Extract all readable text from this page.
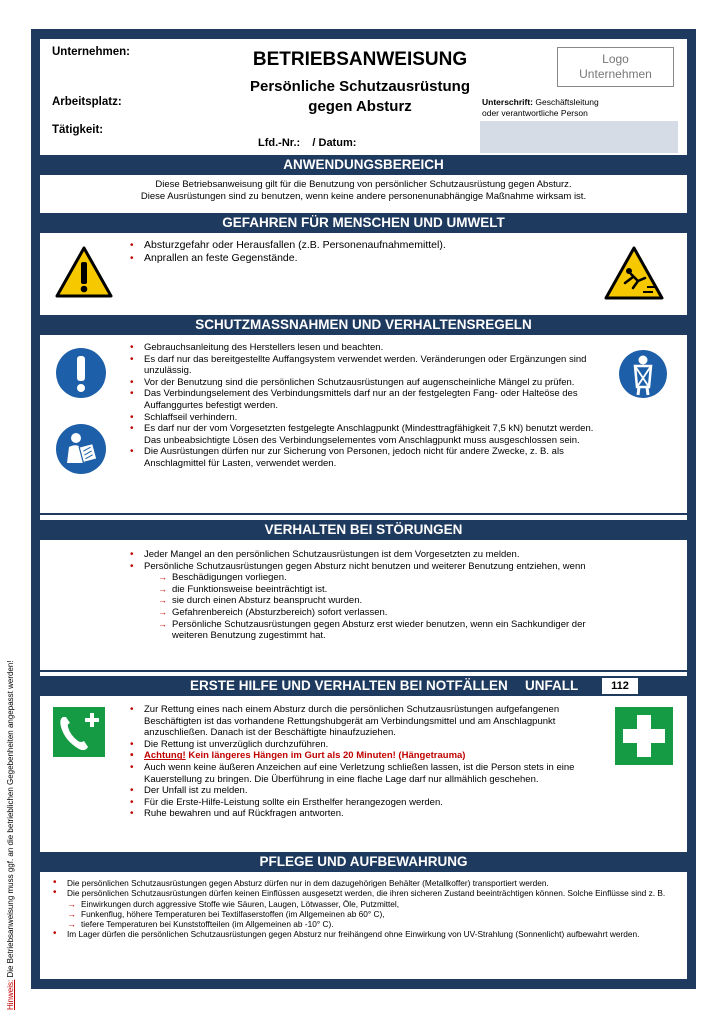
Hinweis: Die Betriebsanweisung muss ggf. an die betrieblichen Gegebenheiten angepasst werden!
Unternehmen:
Arbeitsplatz:
Tätigkeit:
BETRIEBSANWEISUNG
Persönliche Schutzausrüstung
gegen Absturz
Lfd.-Nr.:    / Datum:
Logo
Unternehmen
Unterschrift: Geschäftsleitung
oder verantwortliche Person
ANWENDUNGSBEREICH
Diese Betriebsanweisung gilt für die Benutzung von persönlicher Schutzausrüstung gegen Absturz.
Diese Ausrüstungen sind zu benutzen, wenn keine andere personenunabhängige Maßnahme wirksam ist.
GEFAHREN FÜR MENSCHEN UND UMWELT
• Absturzgefahr oder Herausfallen (z.B. Personenaufnahmemittel).
• Anprallen an feste Gegenstände.
SCHUTZMASSNAHMEN UND VERHALTENSREGELN
• Gebrauchsanleitung des Herstellers lesen und beachten.
• Es darf nur das bereitgestellte Auffangsystem verwendet werden. Veränderungen oder Ergänzungen sind unzulässig.
• Vor der Benutzung sind die persönlichen Schutzausrüstungen auf augenscheinliche Mängel zu prüfen.
• Das Verbindungselement des Verbindungsmittels darf nur an der festgelegten Fang- oder Halteöse des Auffanggurtes befestigt werden.
• Schlaffseil verhindern.
• Es darf nur der vom Vorgesetzten festgelegte Anschlagpunkt (Mindesttragfähigkeit 7,5 kN) benutzt werden. Das unbeabsichtigte Lösen des Verbindungselementes vom Anschlagpunkt muss ausgeschlossen sein.
• Die Ausrüstungen dürfen nur zur Sicherung von Personen, jedoch nicht für andere Zwecke, z. B. als Anschlagmittel für Lasten, verwendet werden.
VERHALTEN BEI STÖRUNGEN
• Jeder Mangel an den persönlichen Schutzausrüstungen ist dem Vorgesetzten zu melden.
• Persönliche Schutzausrüstungen gegen Absturz nicht benutzen und weiterer Benutzung entziehen, wenn
→ Beschädigungen vorliegen.
→ die Funktionsweise beeinträchtigt ist.
→ sie durch einen Absturz beansprucht wurden.
→ Gefahrenbereich (Absturzbereich) sofort verlassen.
→ Persönliche Schutzausrüstungen gegen Absturz erst wieder benutzen, wenn ein Sachkundiger der weiteren Benutzung zugestimmt hat.
ERSTE HILFE UND VERHALTEN BEI NOTFÄLLEN	UNFALL	112
• Zur Rettung eines nach einem Absturz durch die persönlichen Schutzausrüstungen aufgefangenen Beschäftigten ist das vorhandene Rettungshubgerät am Verbindungsmittel und am Anschlagpunkt anzuschließen. Danach ist der Beschäftigte hinaufzuziehen.
• Die Rettung ist unverzüglich durchzuführen.
• Achtung! Kein längeres Hängen im Gurt als 20 Minuten! (Hängetrauma)
• Auch wenn keine äußeren Anzeichen auf eine Verletzung schließen lassen, ist die Person stets in eine Kauerstellung zu bringen. Die Überführung in eine flache Lage darf nur allmählich geschehen.
• Der Unfall ist zu melden.
• Für die Erste-Hilfe-Leistung sollte ein Ersthelfer herangezogen werden.
• Ruhe bewahren und auf Rückfragen antworten.
PFLEGE UND AUFBEWAHRUNG
• Die persönlichen Schutzausrüstungen gegen Absturz dürfen nur in dem dazugehörigen Behälter (Metallkoffer) transportiert werden.
• Die persönlichen Schutzausrüstungen dürfen keinen Einflüssen ausgesetzt werden, die ihren sicheren Zustand beeinträchtigen können. Solche Einflüsse sind z. B.
→ Einwirkungen durch aggressive Stoffe wie Säuren, Laugen, Lötwasser, Öle, Putzmittel,
→ Funkenflug, höhere Temperaturen bei Textilfaserstoffen (im Allgemeinen ab 60° C),
→ tiefere Temperaturen bei Kunststoffteilen (im Allgemeinen ab -10° C).
• Im Lager dürfen die persönlichen Schutzausrüstungen gegen Absturz nur freihängend ohne Einwirkung von UV-Strahlung (Sonnenlicht) aufbewahrt werden.
